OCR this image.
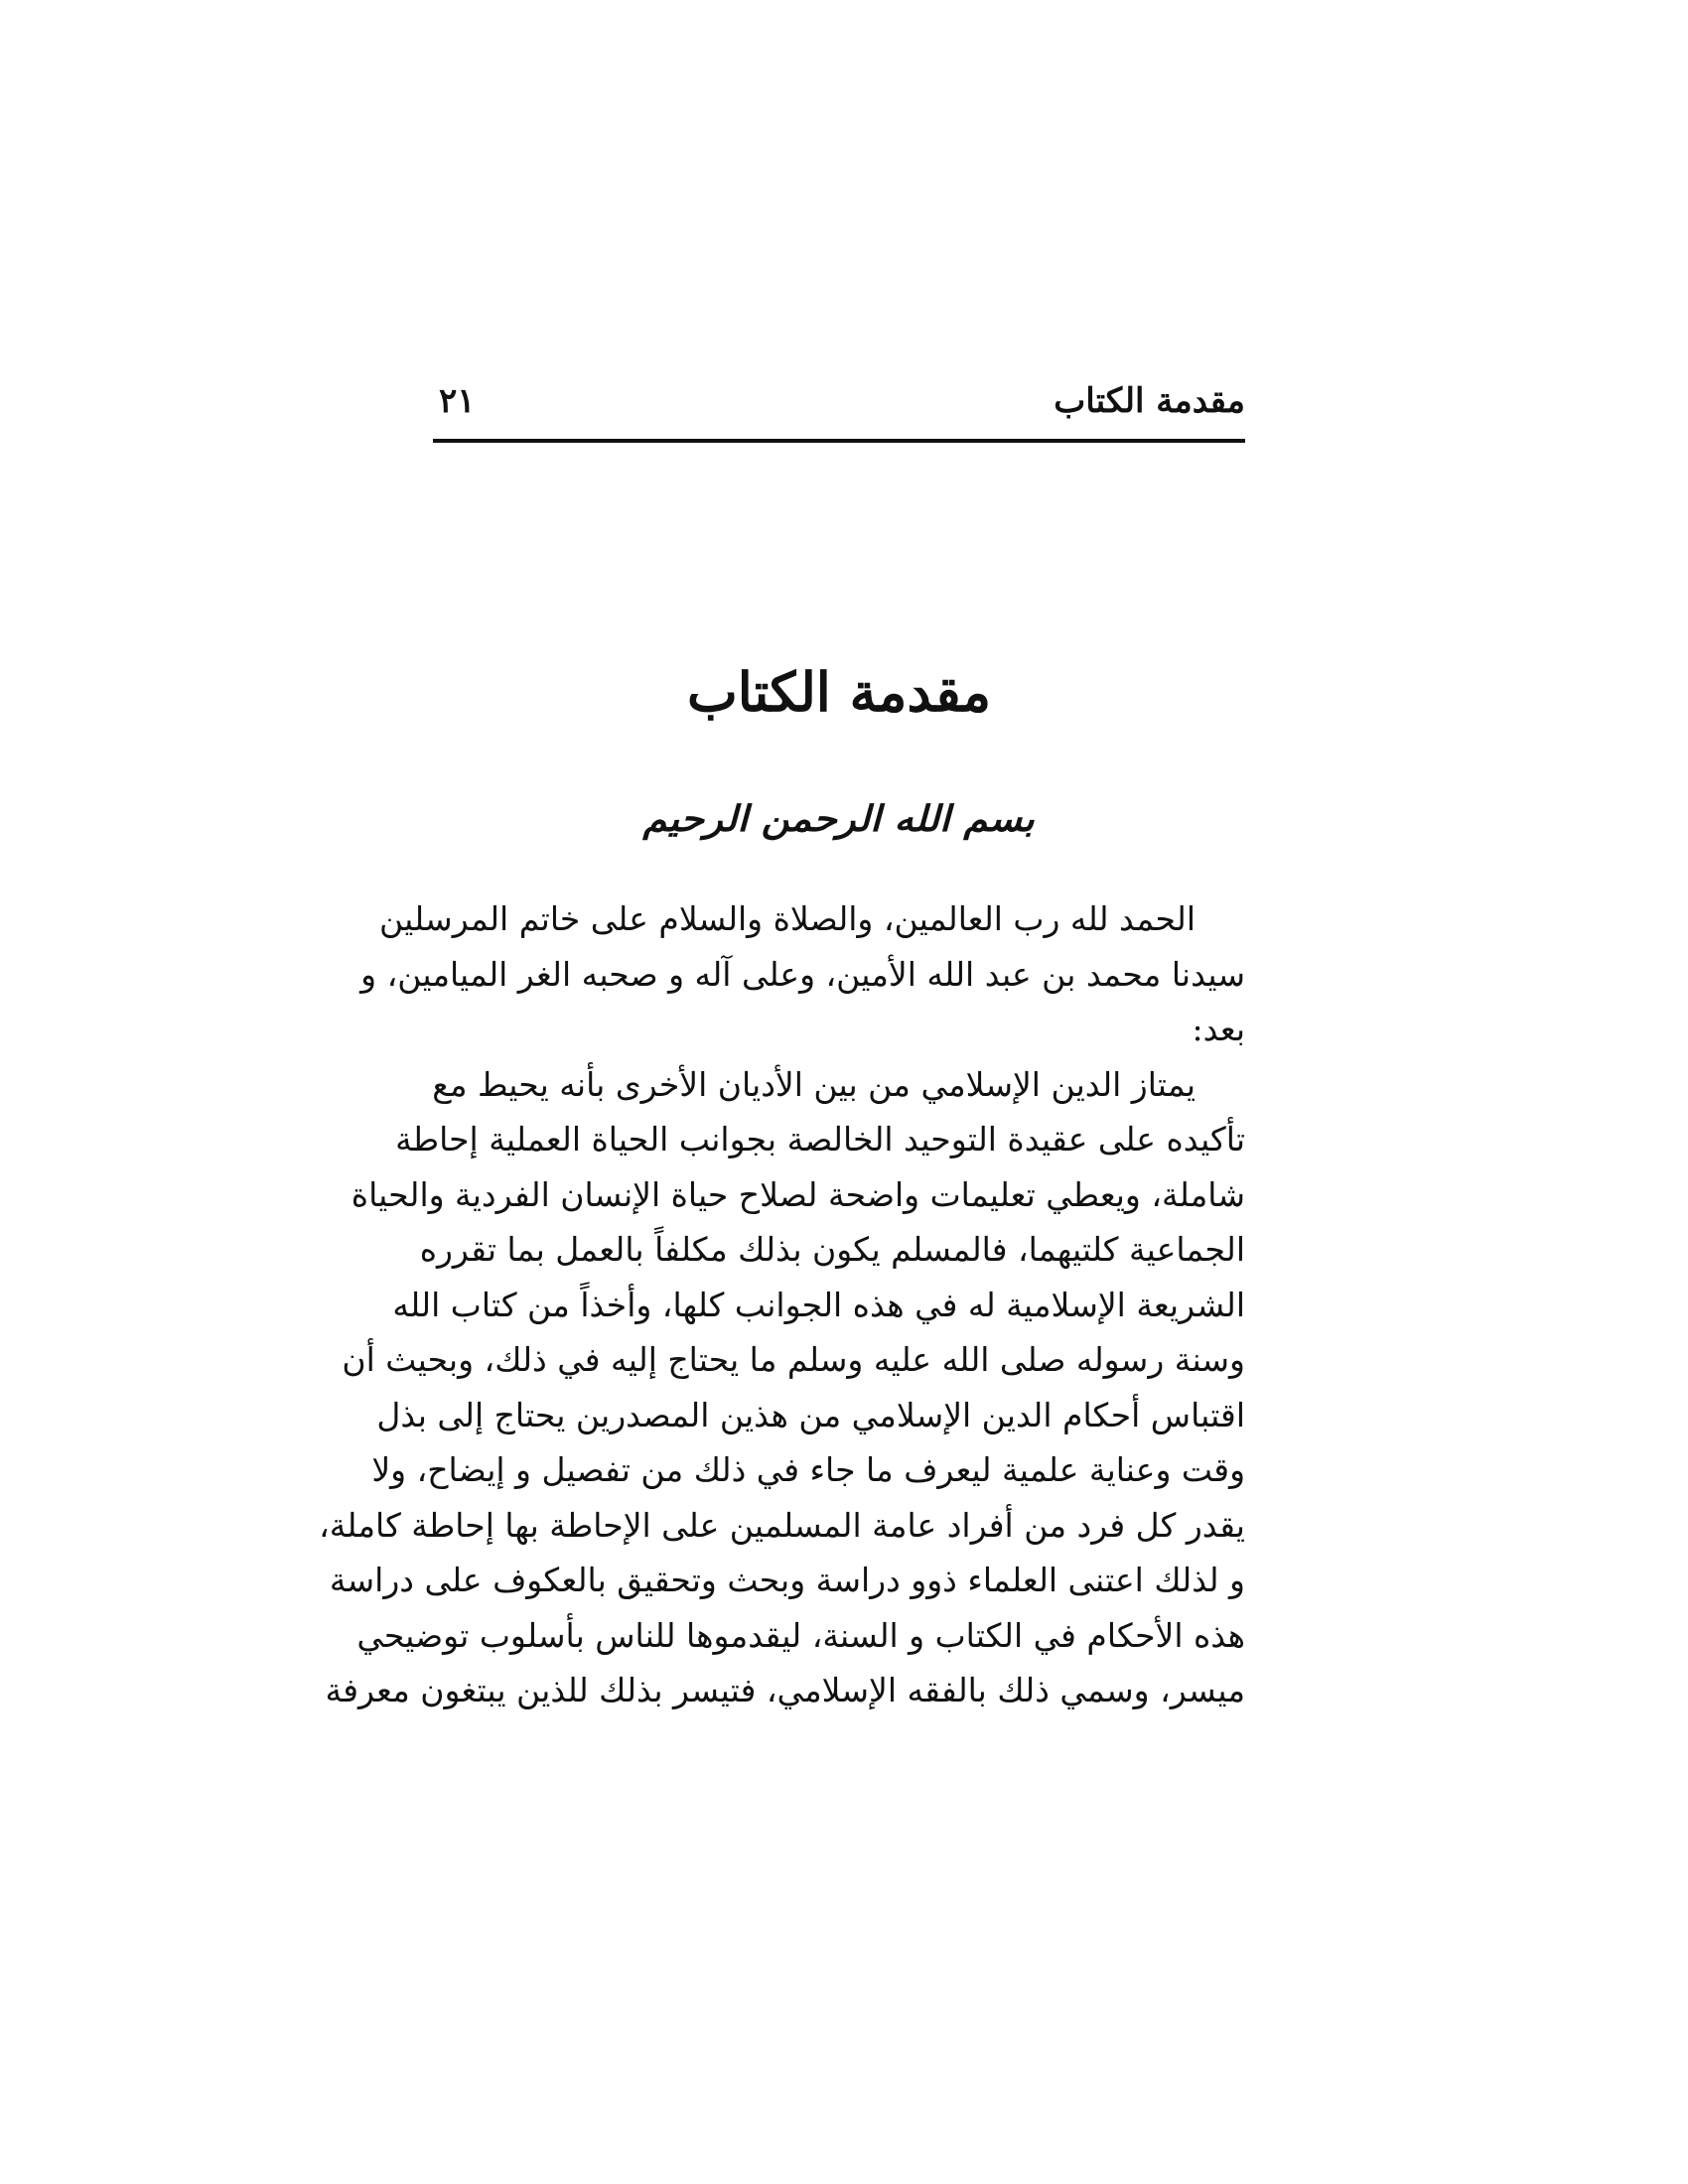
مقدمة الكتاب
٢١
مقدمة الكتاب
بسم الله الرحمن الرحيم

الحمد لله رب العالمين، والصلاة والسلام على خاتم المرسلين
سيدنا محمد بن عبد الله الأمين، وعلى آله و صحبه الغر الميامين، و
بعد:

يمتاز الدين الإسلامي من بين الأديان الأخرى بأنه يحيط مع
تأكيده على عقيدة التوحيد الخالصة بجوانب الحياة العملية إحاطة
شاملة، ويعطي تعليمات واضحة لصلاح حياة الإنسان الفردية والحياة
الجماعية كلتيهما، فالمسلم يكون بذلك مكلفاً بالعمل بما تقرره
الشريعة الإسلامية له في هذه الجوانب كلها، وأخذاً من كتاب الله
وسنة رسوله صلى الله عليه وسلم ما يحتاج إليه في ذلك، وبحيث أن
اقتباس أحكام الدين الإسلامي من هذين المصدرين يحتاج إلى بذل
وقت وعناية علمية ليعرف ما جاء في ذلك من تفصيل و إيضاح، ولا
يقدر كل فرد من أفراد عامة المسلمين على الإحاطة بها إحاطة كاملة،
و لذلك اعتنى العلماء ذوو دراسة وبحث وتحقيق بالعكوف على دراسة
هذه الأحكام في الكتاب و السنة، ليقدموها للناس بأسلوب توضيحي
ميسر، وسمي ذلك بالفقه الإسلامي، فتيسر بذلك للذين يبتغون معرفة
